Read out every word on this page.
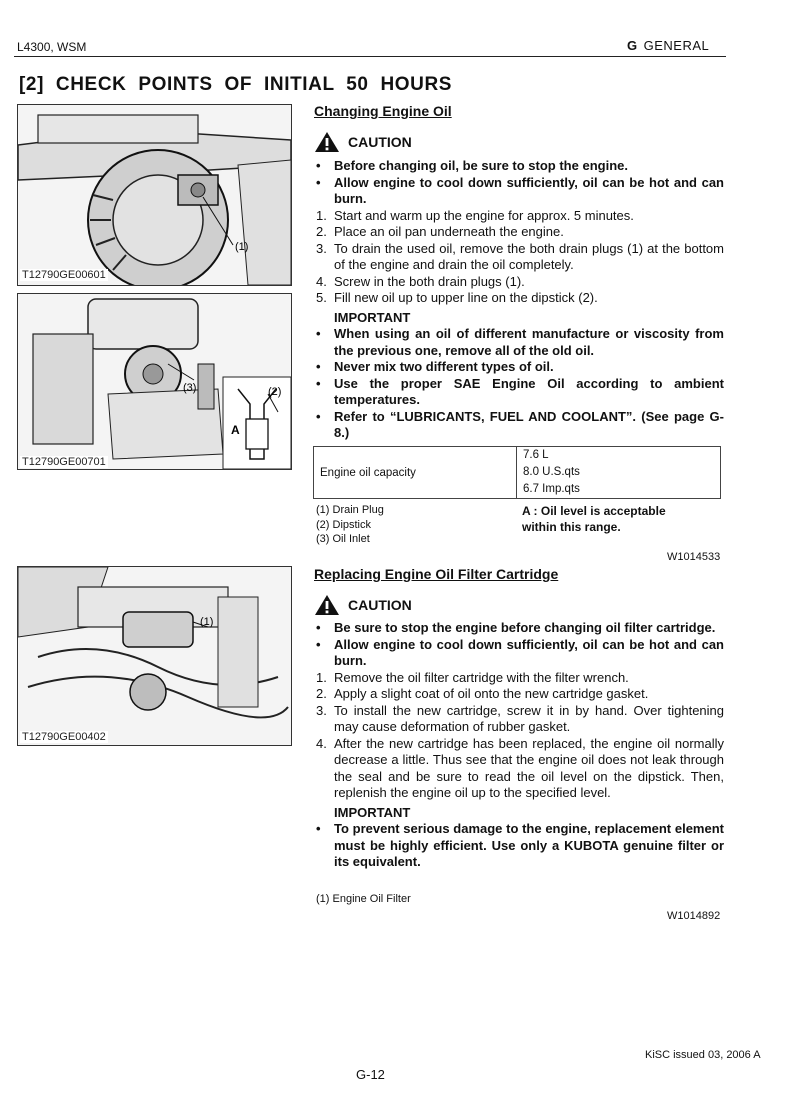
L4300, WSM	G GENERAL
[2] CHECK POINTS OF INITIAL 50 HOURS
(1)
T12790GE00601
(3)	(2)
A
T12790GE00701
(1)
T12790GE00402
Changing Engine Oil
CAUTION

• Before changing oil, be sure to stop the engine.

• Allow engine to cool down sufficiently, oil can be hot and can burn.

1. Start and warm up the engine for approx. 5 minutes.

2. Place an oil pan underneath the engine.

3. To drain the used oil, remove the both drain plugs (1) at the bottom of the engine and drain the oil completely.

4. Screw in the both drain plugs (1).

5. Fill new oil up to upper line on the dipstick (2).

IMPORTANT

• When using an oil of different manufacture or viscosity from the previous one, remove all of the old oil.

• Never mix two different types of oil.

• Use the proper SAE Engine Oil according to ambient temperatures.

• Refer to “LUBRICANTS, FUEL AND COOLANT”. (See page G-8.)

Engine oil capacity	
7.6 L
8.0 U.S.qts
6.7 Imp.qts
(1) Drain Plug
(2) Dipstick
(3) Oil Inlet
A : Oil level is acceptable within this range.
W1014533
Replacing Engine Oil Filter Cartridge
CAUTION

• Be sure to stop the engine before changing oil filter cartridge.

• Allow engine to cool down sufficiently, oil can be hot and can burn.

1. Remove the oil filter cartridge with the filter wrench.

2. Apply a slight coat of oil onto the new cartridge gasket.

3. To install the new cartridge, screw it in by hand. Over tightening may cause deformation of rubber gasket.

4. After the new cartridge has been replaced, the engine oil normally decrease a little. Thus see that the engine oil does not leak through the seal and be sure to read the oil level on the dipstick. Then, replenish the engine oil up to the specified level.

IMPORTANT

• To prevent serious damage to the engine, replacement element must be highly efficient. Use only a KUBOTA genuine filter or its equivalent.

(1) Engine Oil Filter
W1014892
KiSC issued 03, 2006 A
G-12
